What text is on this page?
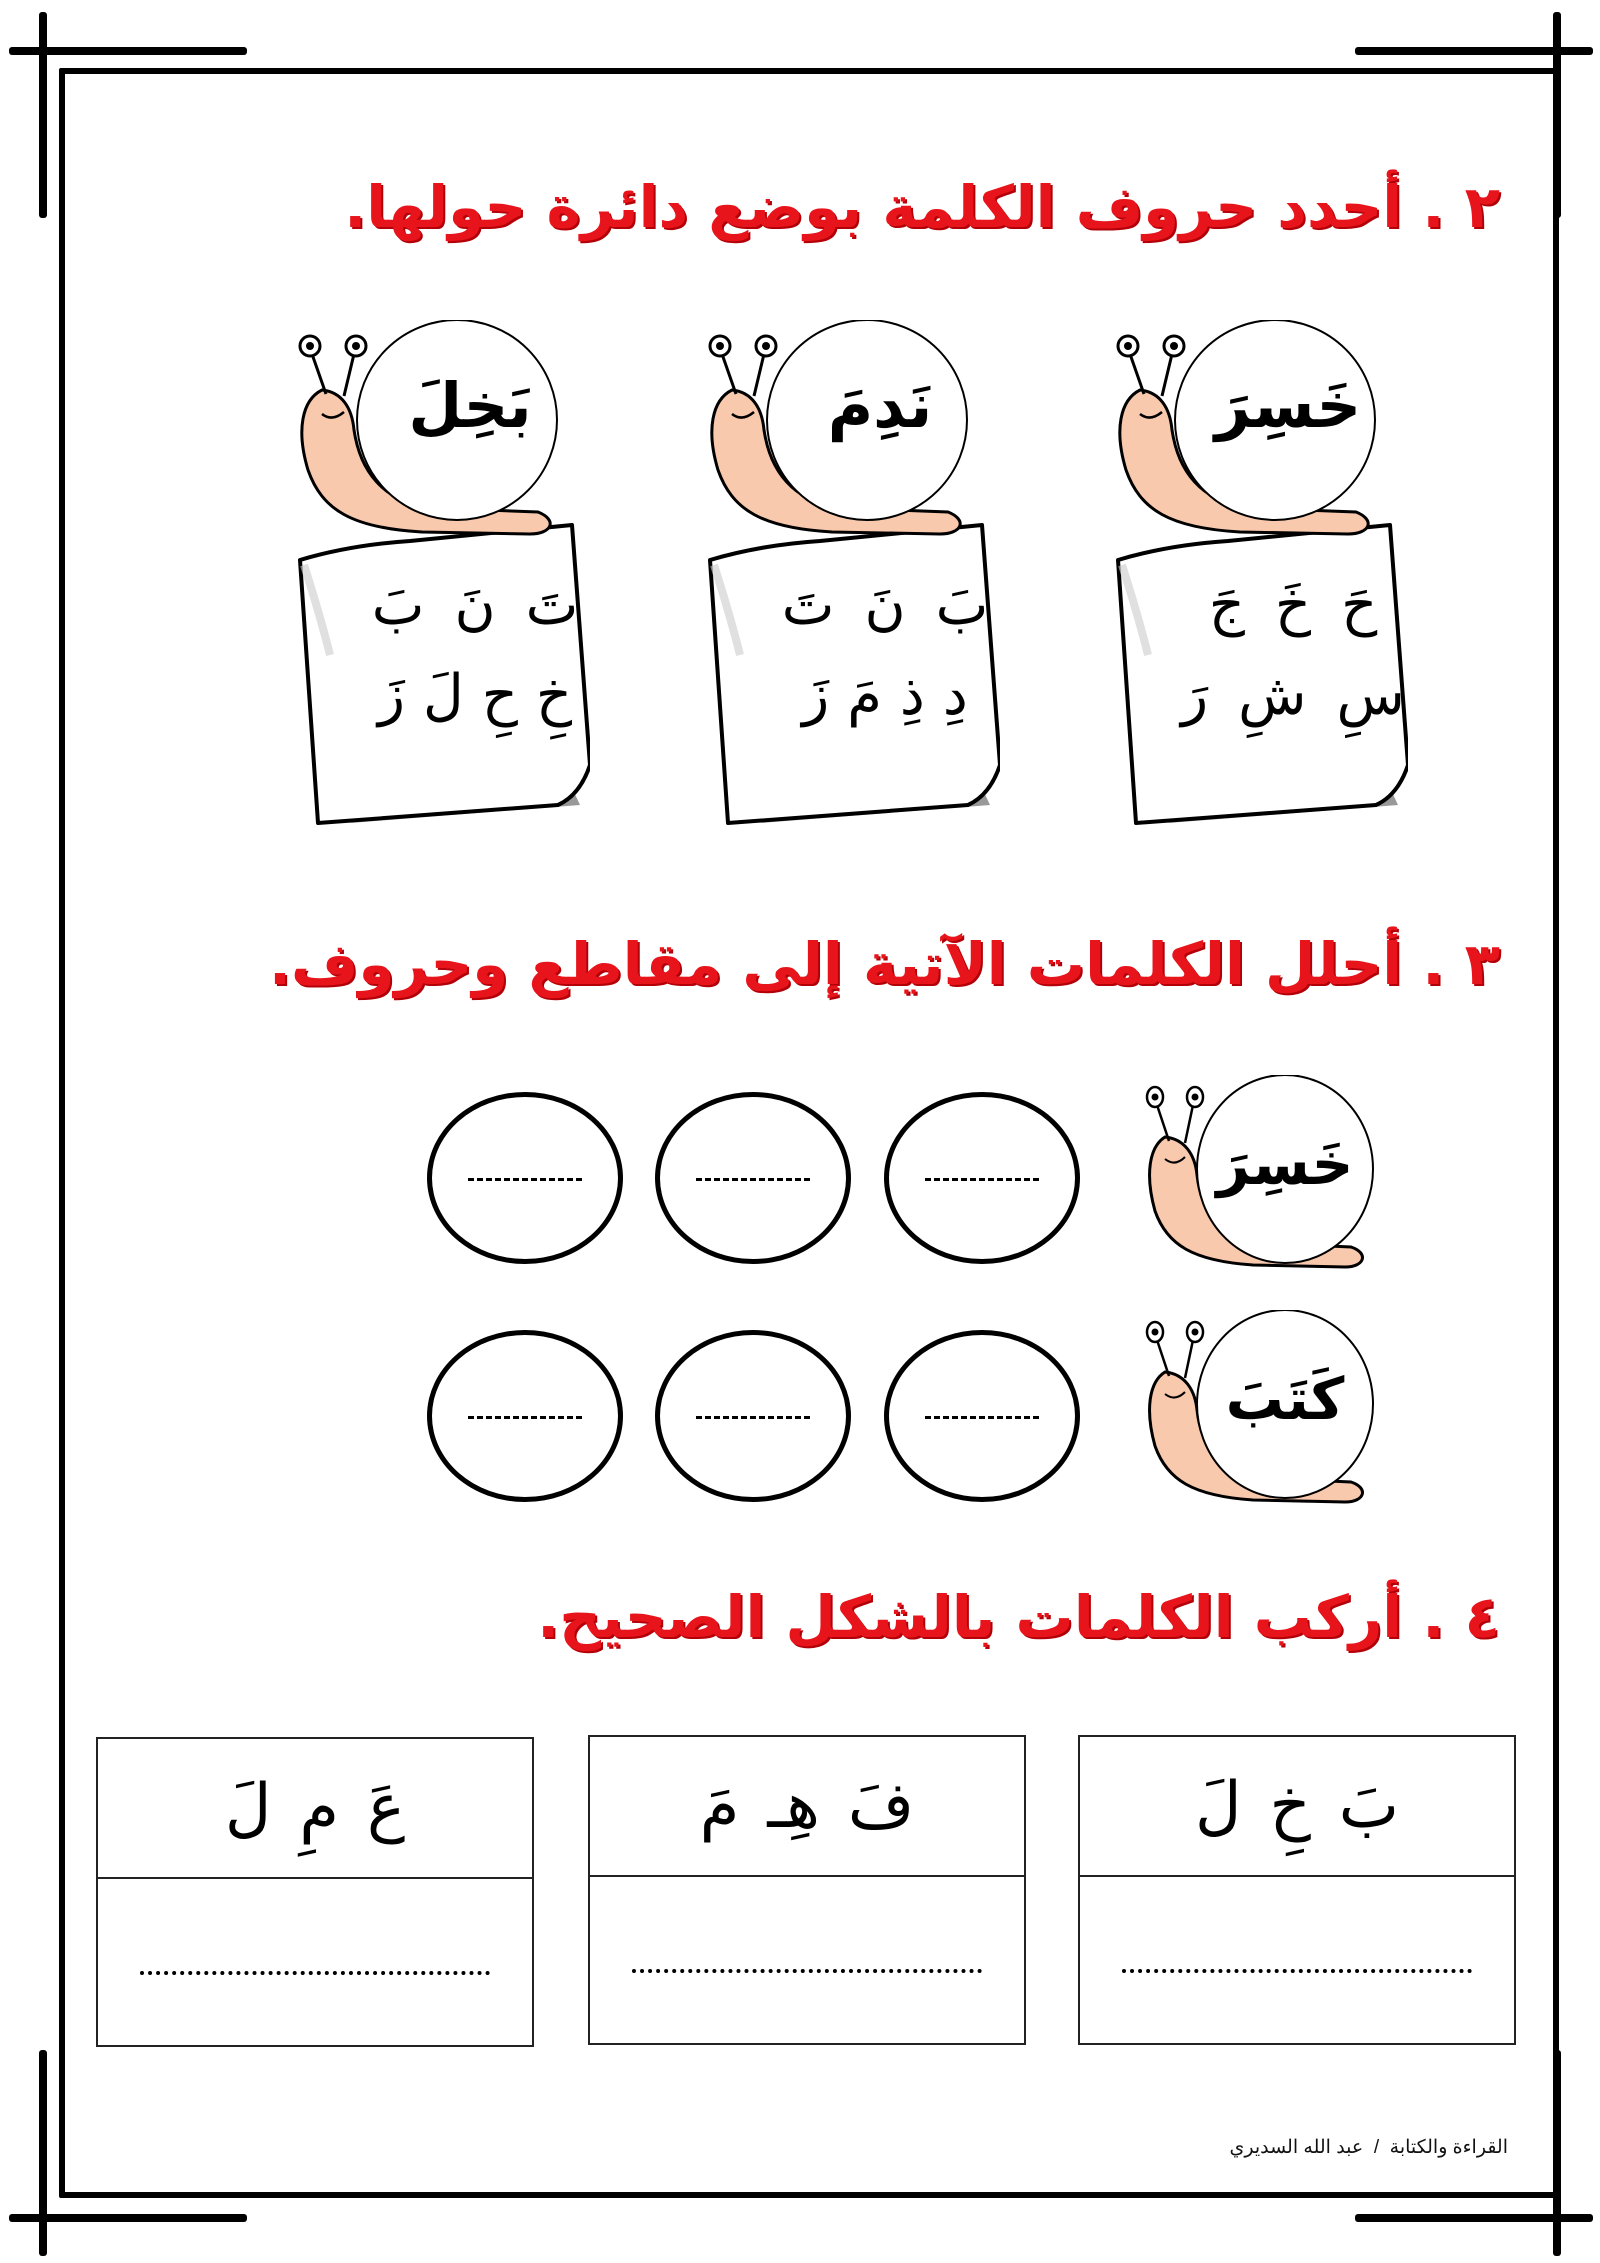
٢ . أحدد حروف الكلمة بوضع دائرة حولها.
خَسِرَ
حَ
خَ
جَ
سِ
شِ
رَ
نَدِمَ
بَ
نَ
تَ
دِ
ذِ
مَ
زَ
بَخِلَ
تَ
نَ
بَ
خِ
حِ
لَ
زَ
٣ . أحلل الكلمات الآتية إلى مقاطع وحروف.
خَسِرَ
كَتَبَ
٤ . أركب الكلمات بالشكل الصحيح.
بَ
خِ
لَ
فَ
هِـ
مَ
عَ
مِ
لَ
القراءة والكتابة  /  عبد الله السديري
